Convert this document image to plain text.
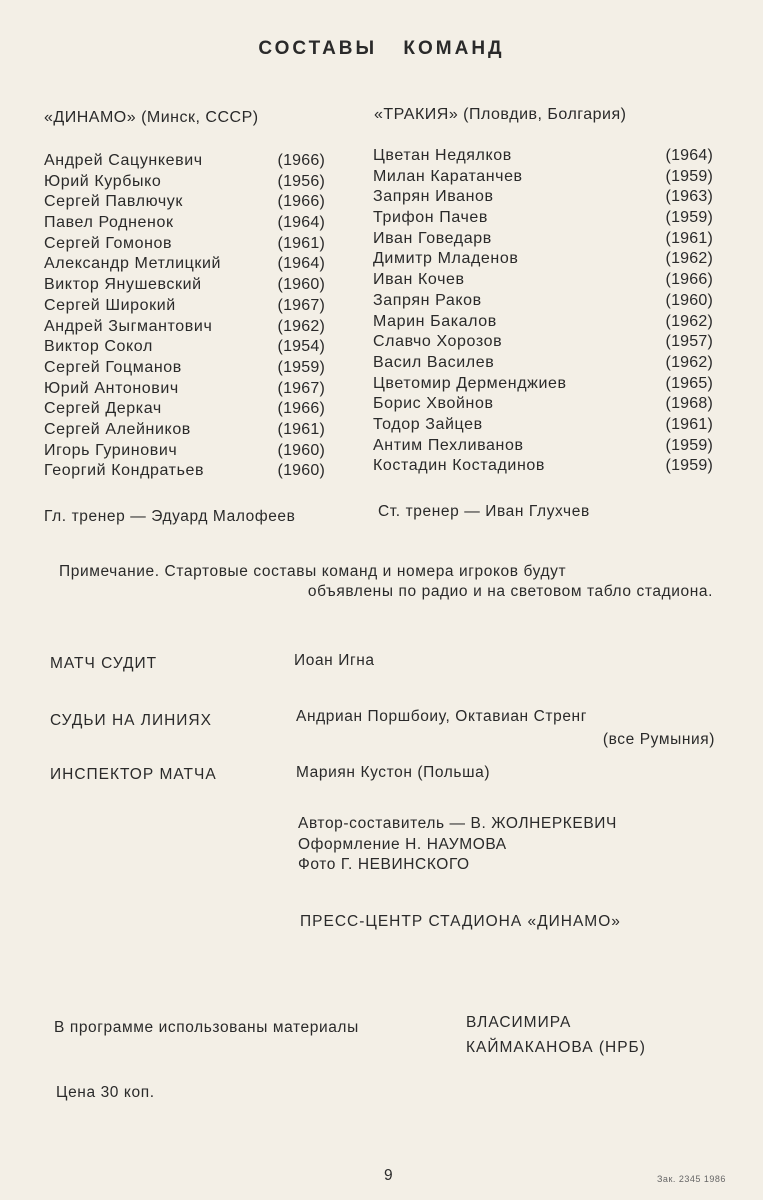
СОСТАВЫ КОМАНД
«ДИНАМО» (Минск, СССР)
Андрей Сацункевич	(1966)
Юрий Курбыко	(1956)
Сергей Павлючук	(1966)
Павел Родненок	(1964)
Сергей Гомонов	(1961)
Александр Метлицкий	(1964)
Виктор Янушевский	(1960)
Сергей Широкий	(1967)
Андрей Зыгмантович	(1962)
Виктор Сокол	(1954)
Сергей Гоцманов	(1959)
Юрий Антонович	(1967)
Сергей Деркач	(1966)
Сергей Алейников	(1961)
Игорь Гуринович	(1960)
Георгий Кондратьев	(1960)
Гл. тренер — Эдуард Малофеев
«ТРАКИЯ» (Пловдив, Болгария)
Цветан Недялков	(1964)
Милан Каратанчев	(1959)
Запрян Иванов	(1963)
Трифон Пачев	(1959)
Иван Говедарв	(1961)
Димитр Младенов	(1962)
Иван Кочев	(1966)
Запрян Раков	(1960)
Марин Бакалов	(1962)
Славчо Хорозов	(1957)
Васил Василев	(1962)
Цветомир Дерменджиев	(1965)
Борис Хвойнов	(1968)
Тодор Зайцев	(1961)
Антим Пехливанов	(1959)
Костадин Костадинов	(1959)
Ст. тренер — Иван Глухчев
Примечание. Стартовые составы команд и номера игроков будут
объявлены по радио и на световом табло стадиона.
МАТЧ СУДИТ	Иоан Игна
СУДЬИ НА ЛИНИЯХ	Андриан Поршбоиу, Октавиан Стренг
(все Румыния)
ИНСПЕКТОР МАТЧА	Мариян Кустон (Польша)
Автор-составитель — В. ЖОЛНЕРКЕВИЧ
Оформление Н. НАУМОВА
Фото Г. НЕВИНСКОГО
ПРЕСС-ЦЕНТР СТАДИОНА «ДИНАМО»
В программе использованы материалы	ВЛАСИМИРА
КАЙМАКАНОВА (НРБ)
Цена 30 коп.
9	Зак. 2345 1986
